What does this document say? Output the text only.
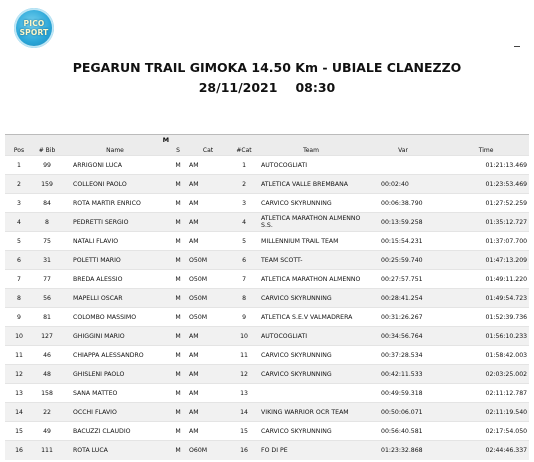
PICO
SPORT
PEGARUN TRAIL GIMOKA 14.50 Km - UBIALE CLANEZZO
28/11/2021 08:30
M								
Pos	# Bib	Name	S	Cat	#Cat	Team	Var	Time
1	99	ARRIGONI LUCA	M	AM	1	AUTOCOGLIATI		01:21:13.469
2	159	COLLEONI PAOLO	M	AM	2	ATLETICA VALLE BREMBANA	00:02:40	01:23:53.469
3	84	ROTA MARTIR ENRICO	M	AM	3	CARVICO SKYRUNNING	00:06:38.790	01:27:52.259
4	8	PEDRETTI SERGIO	M	AM	4	ATLETICA MARATHON ALMENNO S.S.	00:13:59.258	01:35:12.727
5	75	NATALI FLAVIO	M	AM	5	MILLENNIUM TRAIL TEAM	00:15:54.231	01:37:07.700
6	31	POLETTI MARIO	M	O50M	6	TEAM SCOTT-	00:25:59.740	01:47:13.209
7	77	BREDA ALESSIO	M	O50M	7	ATLETICA MARATHON ALMENNO	00:27:57.751	01:49:11.220
8	56	MAPELLI OSCAR	M	O50M	8	CARVICO SKYRUNNING	00:28:41.254	01:49:54.723
9	81	COLOMBO MASSIMO	M	O50M	9	ATLETICA S.E.V VALMADRERA	00:31:26.267	01:52:39.736
10	127	GHIGGINI MARIO	M	AM	10	AUTOCOGLIATI	00:34:56.764	01:56:10.233
11	46	CHIAPPA ALESSANDRO	M	AM	11	CARVICO SKYRUNNING	00:37:28.534	01:58:42.003
12	48	GHISLENI PAOLO	M	AM	12	CARVICO SKYRUNNING	00:42:11.533	02:03:25.002
13	158	SANA MATTEO	M	AM	13		00:49:59.318	02:11:12.787
14	22	OCCHI FLAVIO	M	AM	14	VIKING WARRIOR OCR TEAM	00:50:06.071	02:11:19.540
15	49	BACUZZI CLAUDIO	M	AM	15	CARVICO SKYRUNNING	00:56:40.581	02:17:54.050
16	111	ROTA LUCA	M	O60M	16	FO DI PE	01:23:32.868	02:44:46.337
